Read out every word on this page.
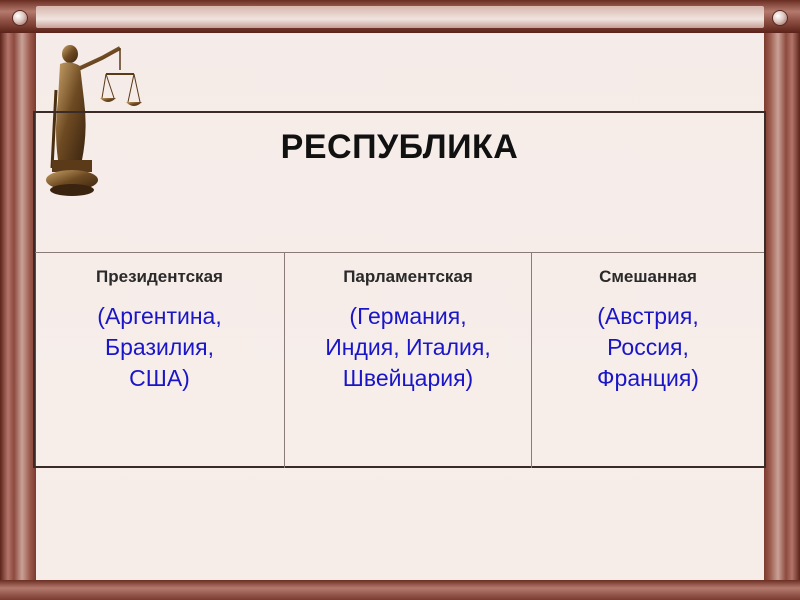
РЕСПУБЛИКА
Президентская
(Аргентина,
Бразилия,
США)
Парламентская
(Германия,
Индия, Италия,
Швейцария)
Смешанная
(Австрия,
Россия,
Франция)
